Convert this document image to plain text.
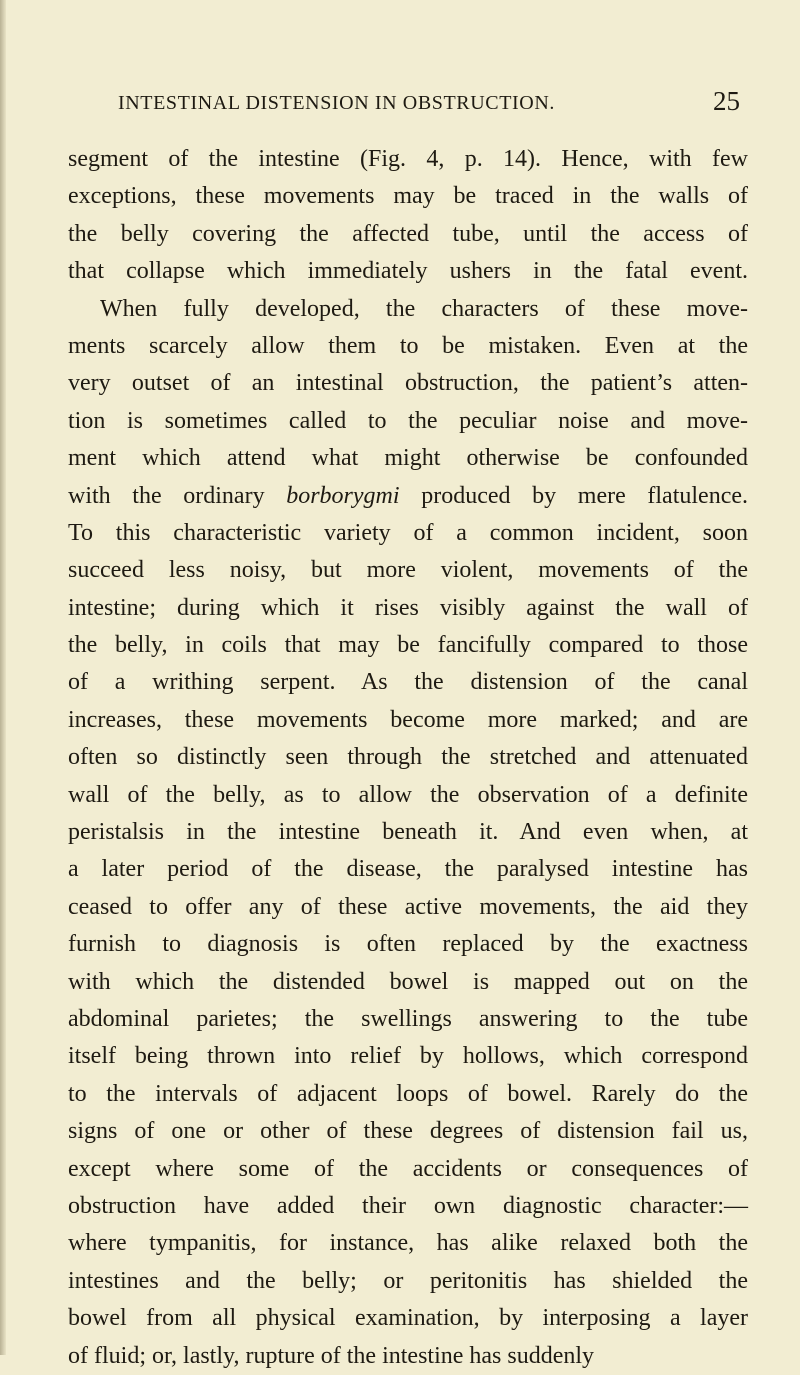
INTESTINAL DISTENSION IN OBSTRUCTION.	25
segment of the intestine (Fig. 4, p. 14). Hence, with few
exceptions, these movements may be traced in the walls of
the belly covering the affected tube, until the access of
that collapse which immediately ushers in the fatal event.
When fully developed, the characters of these move-
ments scarcely allow them to be mistaken. Even at the
very outset of an intestinal obstruction, the patient’s atten-
tion is sometimes called to the peculiar noise and move-
ment which attend what might otherwise be confounded
with the ordinary borborygmi produced by mere flatulence.
To this characteristic variety of a common incident, soon
succeed less noisy, but more violent, movements of the
intestine; during which it rises visibly against the wall of
the belly, in coils that may be fancifully compared to those
of a writhing serpent. As the distension of the canal
increases, these movements become more marked; and are
often so distinctly seen through the stretched and attenuated
wall of the belly, as to allow the observation of a definite
peristalsis in the intestine beneath it. And even when, at
a later period of the disease, the paralysed intestine has
ceased to offer any of these active movements, the aid they
furnish to diagnosis is often replaced by the exactness
with which the distended bowel is mapped out on the
abdominal parietes; the swellings answering to the tube
itself being thrown into relief by hollows, which correspond
to the intervals of adjacent loops of bowel. Rarely do the
signs of one or other of these degrees of distension fail us,
except where some of the accidents or consequences of
obstruction have added their own diagnostic character:—
where tympanitis, for instance, has alike relaxed both the
intestines and the belly; or peritonitis has shielded the
bowel from all physical examination, by interposing a layer
of fluid; or, lastly, rupture of the intestine has suddenly
